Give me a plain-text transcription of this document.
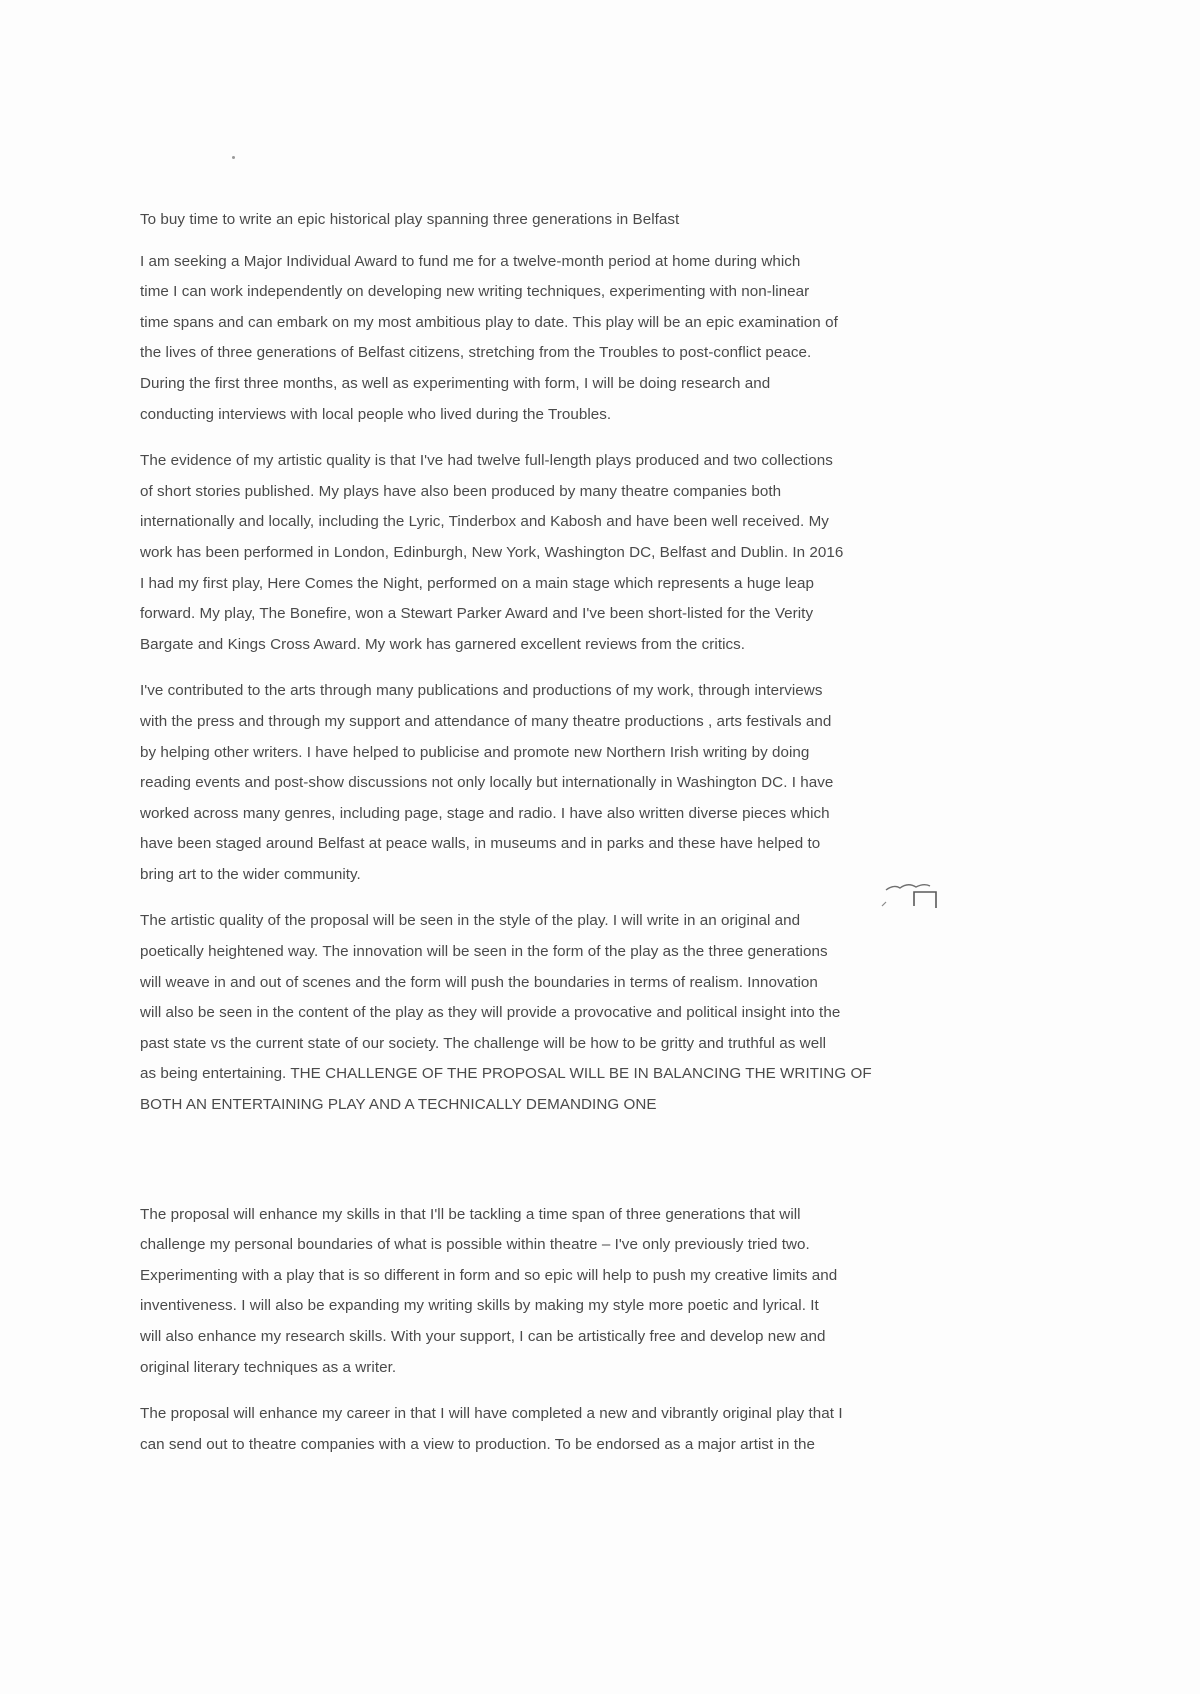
To buy time to write an epic historical play spanning three generations in Belfast
I am seeking a Major Individual Award to fund me for a twelve-month period at home during which
time I can work independently on developing new writing techniques, experimenting with non-linear
time spans and can embark on my most ambitious play to date. This play will be an epic examination of
the lives of three generations of Belfast citizens, stretching from the Troubles to post-conflict peace.
During the first three months, as well as experimenting with form, I will be doing research and
conducting interviews with local people who lived during the Troubles.
The evidence of my artistic quality is that I've had twelve full-length plays produced and two collections
of short stories published. My plays have also been produced by many theatre companies both
internationally and locally, including the Lyric, Tinderbox and Kabosh and have been well received. My
work has been performed in London, Edinburgh, New York, Washington DC, Belfast and Dublin. In 2016
I had my first play, Here Comes the Night, performed on a main stage which represents a huge leap
forward. My play, The Bonefire, won a Stewart Parker Award and I've been short-listed for the Verity
Bargate and Kings Cross Award. My work has garnered excellent reviews from the critics.
I've contributed to the arts through many publications and productions of my work, through interviews
with the press and through my support and attendance of many theatre productions , arts festivals and
by helping other writers. I have helped to publicise and promote new Northern Irish writing by doing
reading events and post-show discussions not only locally but internationally in Washington DC. I have
worked across many genres, including page, stage and radio. I have also written diverse pieces which
have been staged around Belfast at peace walls, in museums and in parks and these have helped to
bring art to the wider community.
The artistic quality of the proposal will be seen in the style of the play. I will write in an original and
poetically heightened way. The innovation will be seen in the form of the play as the three generations
will weave in and out of scenes and the form will push the boundaries in terms of realism. Innovation
will also be seen in the content of the play as they will provide a provocative and political insight into the
past state vs the current state of our society. The challenge will be how to be gritty and truthful as well
as being entertaining. THE CHALLENGE OF THE PROPOSAL WILL BE IN BALANCING THE WRITING OF
BOTH AN ENTERTAINING PLAY AND A TECHNICALLY DEMANDING ONE
The proposal will enhance my skills in that I'll be tackling a time span of three generations that will
challenge my personal boundaries of what is possible within theatre – I've only previously tried two.
Experimenting with a play that is so different in form and so epic will help to push my creative limits and
inventiveness. I will also be expanding my writing skills by making my style more poetic and lyrical. It
will also enhance my research skills. With your support, I can be artistically free and develop new and
original literary techniques as a writer.
The proposal will enhance my career in that I will have completed a new and vibrantly original play that I
can send out to theatre companies with a view to production. To be endorsed as a major artist in the
